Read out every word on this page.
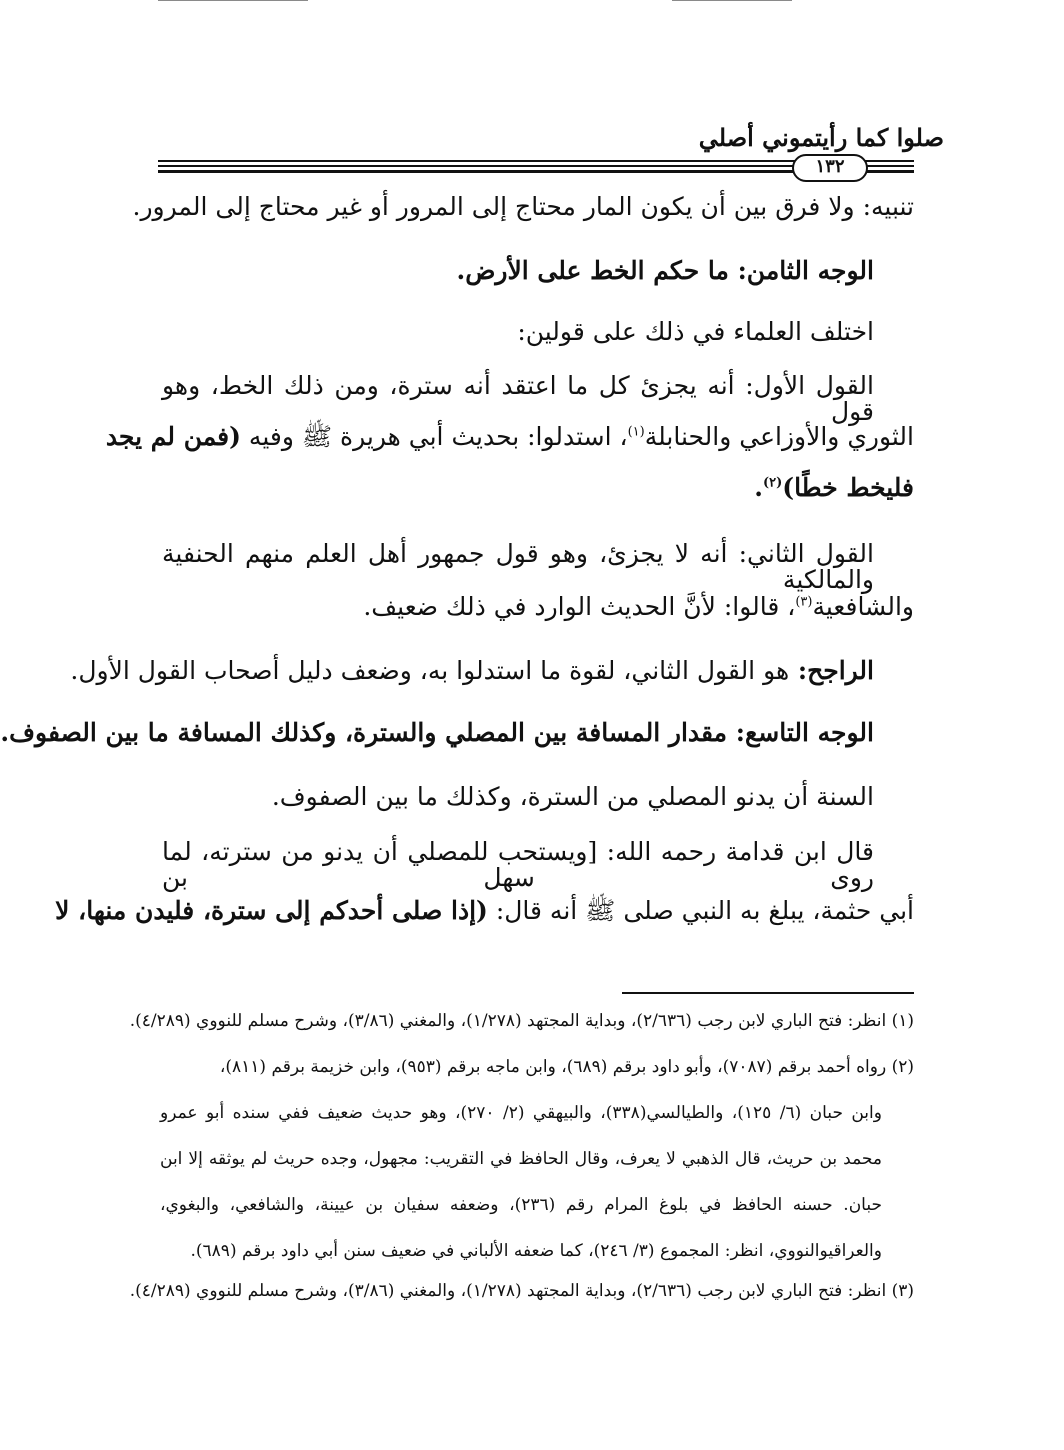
صلوا كما رأيتموني أصلي
١٣٢
تنبيه: ولا فرق بين أن يكون المار محتاج إلى المرور أو غير محتاج إلى المرور.
الوجه الثامن: ما حكم الخط على الأرض.
اختلف العلماء في ذلك على قولين:
القول الأول: أنه يجزئ كل ما اعتقد أنه سترة، ومن ذلك الخط، وهو قول
الثوري والأوزاعي والحنابلة$^{(١)}$، استدلوا: بحديث أبي هريرة ﷺ وفيه (فمن لم يجد
فليخط خطًا)$^{(٢)}$.
القول الثاني: أنه لا يجزئ، وهو قول جمهور أهل العلم منهم الحنفية والمالكية
والشافعية$^{(٣)}$، قالوا: لأنَّ الحديث الوارد في ذلك ضعيف.
الراجح: هو القول الثاني، لقوة ما استدلوا به، وضعف دليل أصحاب القول الأول.
الوجه التاسع: مقدار المسافة بين المصلي والسترة، وكذلك المسافة ما بين الصفوف.
السنة أن يدنو المصلي من السترة، وكذلك ما بين الصفوف.
قال ابن قدامة رحمه الله: [ويستحب للمصلي أن يدنو من سترته، لما روى سهل بن
أبي حثمة، يبلغ به النبي صلى ﷺ أنه قال: (إذا صلى أحدكم إلى سترة، فليدن منها، لا
(١) انظر: فتح الباري لابن رجب (٢/٦٣٦)، وبداية المجتهد (١/٢٧٨)، والمغني (٣/٨٦)، وشرح مسلم للنووي (٤/٢٨٩).
(٢) رواه أحمد برقم (٧٠٨٧)، وأبو داود برقم (٦٨٩)، وابن ماجه برقم (٩٥٣)، وابن خزيمة برقم (٨١١)،
وابن حبان (٦/ ١٢٥)، والطيالسي(٣٣٨)، والبيهقي (٢/ ٢٧٠)، وهو حديث ضعيف ففي سنده أبو عمرو
محمد بن حريث، قال الذهبي لا يعرف، وقال الحافظ في التقريب: مجهول، وجده حريث لم يوثقه إلا ابن
حبان. حسنه الحافظ في بلوغ المرام رقم (٢٣٦)، وضعفه سفيان بن عيينة، والشافعي، والبغوي،
والعراقيوالنووي، انظر: المجموع (٣/ ٢٤٦)، كما ضعفه الألباني في ضعيف سنن أبي داود برقم (٦٨٩).
(٣) انظر: فتح الباري لابن رجب (٢/٦٣٦)، وبداية المجتهد (١/٢٧٨)، والمغني (٣/٨٦)، وشرح مسلم للنووي (٤/٢٨٩).
